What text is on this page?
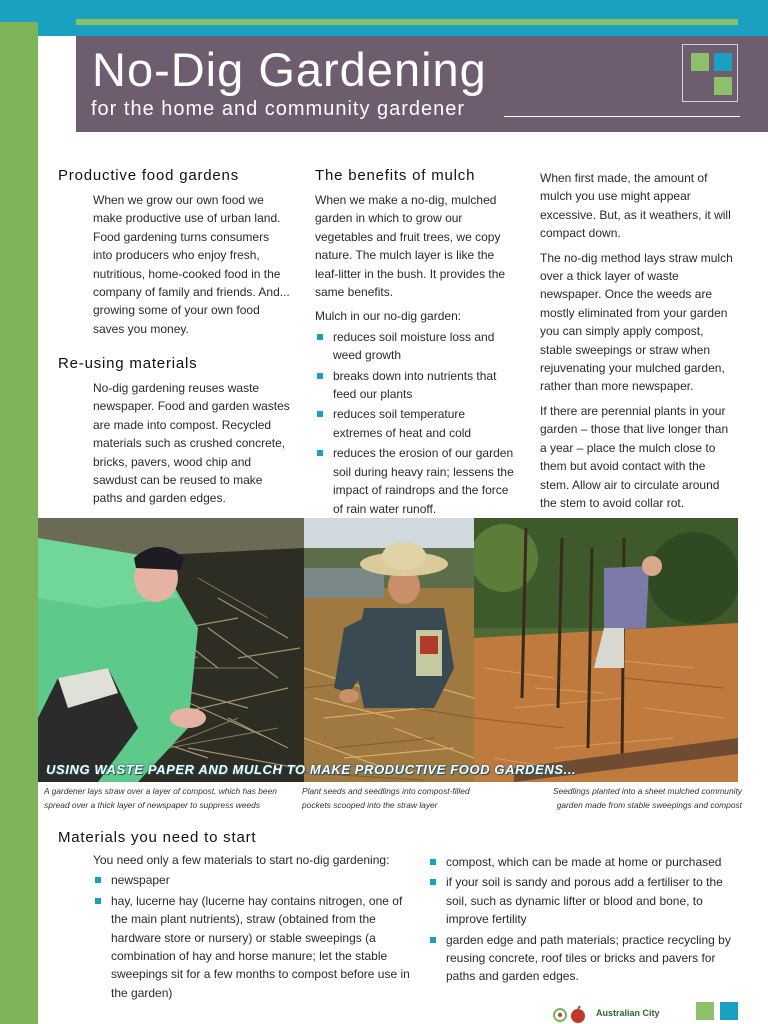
No-Dig Gardening
for the home and community gardener
Productive food gardens

When we grow our own food we make productive use of urban land. Food gardening turns consumers into producers who enjoy fresh, nutritious, home-cooked food in the company of family and friends. And... growing some of your own food saves you money.

Re-using materials

No-dig gardening reuses waste newspaper. Food and garden wastes are made into compost. Recycled materials such as crushed concrete, bricks, pavers, wood chip and sawdust can be reused to make paths and garden edges.

The benefits of mulch

When we make a no-dig, mulched garden in which to grow our vegetables and fruit trees, we copy nature. The mulch layer is like the leaf-litter in the bush. It provides the same benefits.

Mulch in our no-dig garden:

reduces soil moisture loss and weed growth
breaks down into nutrients that feed our plants
reduces soil temperature extremes of heat and cold
reduces the erosion of our garden soil during heavy rain; lessens the impact of raindrops and the force of rain water runoff.

When first made, the amount of mulch you use might appear excessive. But, as it weathers, it will compact down.

The no-dig method lays straw mulch over a thick layer of waste newspaper. Once the weeds are mostly eliminated from your garden you can simply apply compost, stable sweepings or straw when rejuvenating your mulched garden, rather than more newspaper.

If there are perennial plants in your garden – those that live longer than a year – place the mulch close to them but avoid contact with the stem. Allow air to circulate around the stem to avoid collar rot.

USING WASTE PAPER AND MULCH TO MAKE PRODUCTIVE FOOD GARDENS...
A gardener lays straw over a layer of compost, which has been spread over a thick layer of newspaper to suppress weeds
Plant seeds and seedlings into compost-filled pockets scooped into the straw layer
Seedlings planted into a sheet mulched community garden made from stable sweepings and compost
Materials you need to start

You need only a few materials to start no-dig gardening:

newspaper
hay, lucerne hay (lucerne hay contains nitrogen, one of the main plant nutrients), straw (obtained from the hardware store or nursery) or stable sweepings (a combination of hay and horse manure; let the stable sweepings sit for a few months to compost before use in the garden)
compost, which can be made at home or purchased
if your soil is sandy and porous add a fertiliser to the soil, such as dynamic lifter or blood and bone, to improve fertility
garden edge and path materials; practice recycling by reusing concrete, roof tiles or bricks and pavers for paths and garden edges.
Australian City
